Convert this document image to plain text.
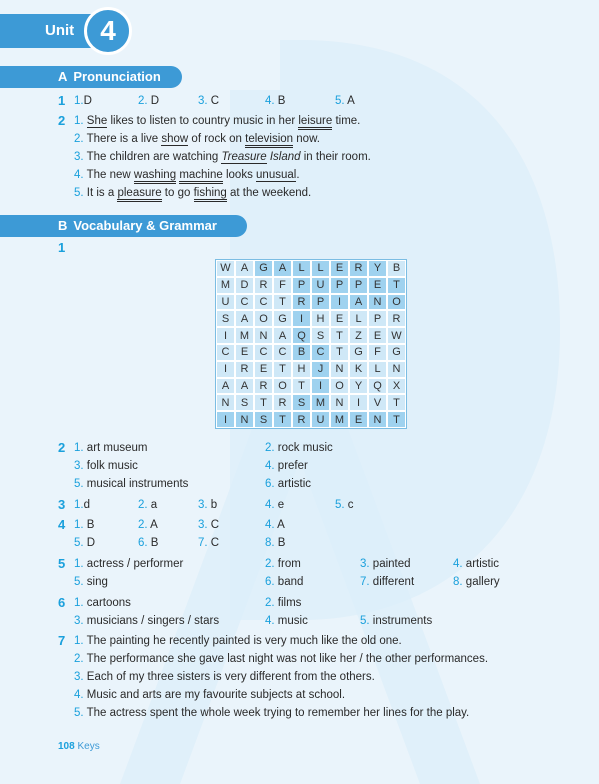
Unit 4
A Pronunciation
1 1.D	2. D	3. C	4. B	5. A
2 1. She likes to listen to country music in her leisure time.
2. There is a live show of rock on television now.
3. The children are watching Treasure Island in their room.
4. The new washing machine looks unusual.
5. It is a pleasure to go fishing at the weekend.
B Vocabulary & Grammar
1
W A	G	A	L	L	E	R	Y	B
M D	R	F	P	U	P	P	E	T
U	C	C	T	R	P	I	A	N O
S	A	O G	I	H	E	L	P	R
I	M N	A	Q	S	T	Z	E W
C	E	C	C	B	C	T	G	F	G
I	R	E	T	H	J	N	K	L	N
A	A	R O	T	I	O	Y	Q	X
N	S	T	R	S M N	I	V	T
I	N	S	T	R	U M E	N	T
2 1. art museum	2. rock music
3. folk music	4. prefer
5. musical instruments	6. artistic
3 1.d	2. a	3. b	4. e	5. c
4 1. B	2. A	3. C	4. A
5. D	6. B	7. C	8. B
5 1. actress / performer	2. from	3. painted	4. artistic
5. sing	6. band	7. different	8. gallery
6 1. cartoons	2. films
3. musicians / singers / stars	4. music	5. instruments
7 1. The painting he recently painted is very much like the old one.
2. The performance she gave last night was not like her / the other performances.
3. Each of my three sisters is very different from the others.
4. Music and arts are my favourite subjects at school.
5. The actress spent the whole week trying to remember her lines for the play.
108 Keys
